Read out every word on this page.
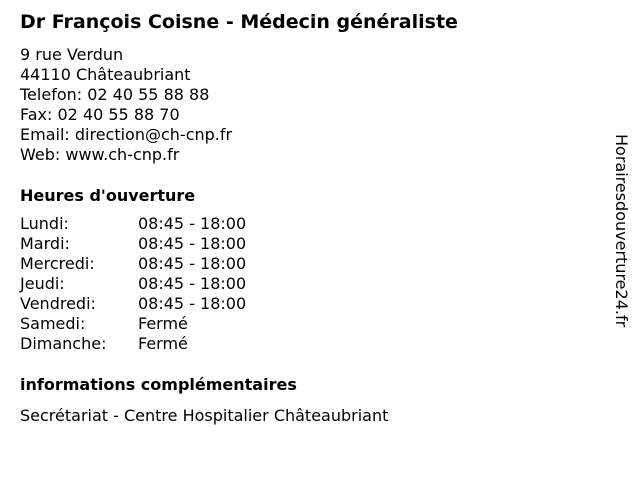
Dr François Coisne - Médecin généraliste
9 rue Verdun
44110 Châteaubriant
Telefon: 02 40 55 88 88
Fax: 02 40 55 88 70
Email: direction@ch-cnp.fr
Web: www.ch-cnp.fr
Heures d'ouverture
Lundi:	08:45 - 18:00
Mardi:	08:45 - 18:00
Mercredi:	08:45 - 18:00
Jeudi:	08:45 - 18:00
Vendredi:	08:45 - 18:00
Samedi:	Fermé
Dimanche:	Fermé
informations complémentaires
Secrétariat - Centre Hospitalier Châteaubriant
Horairesdouverture24.fr
